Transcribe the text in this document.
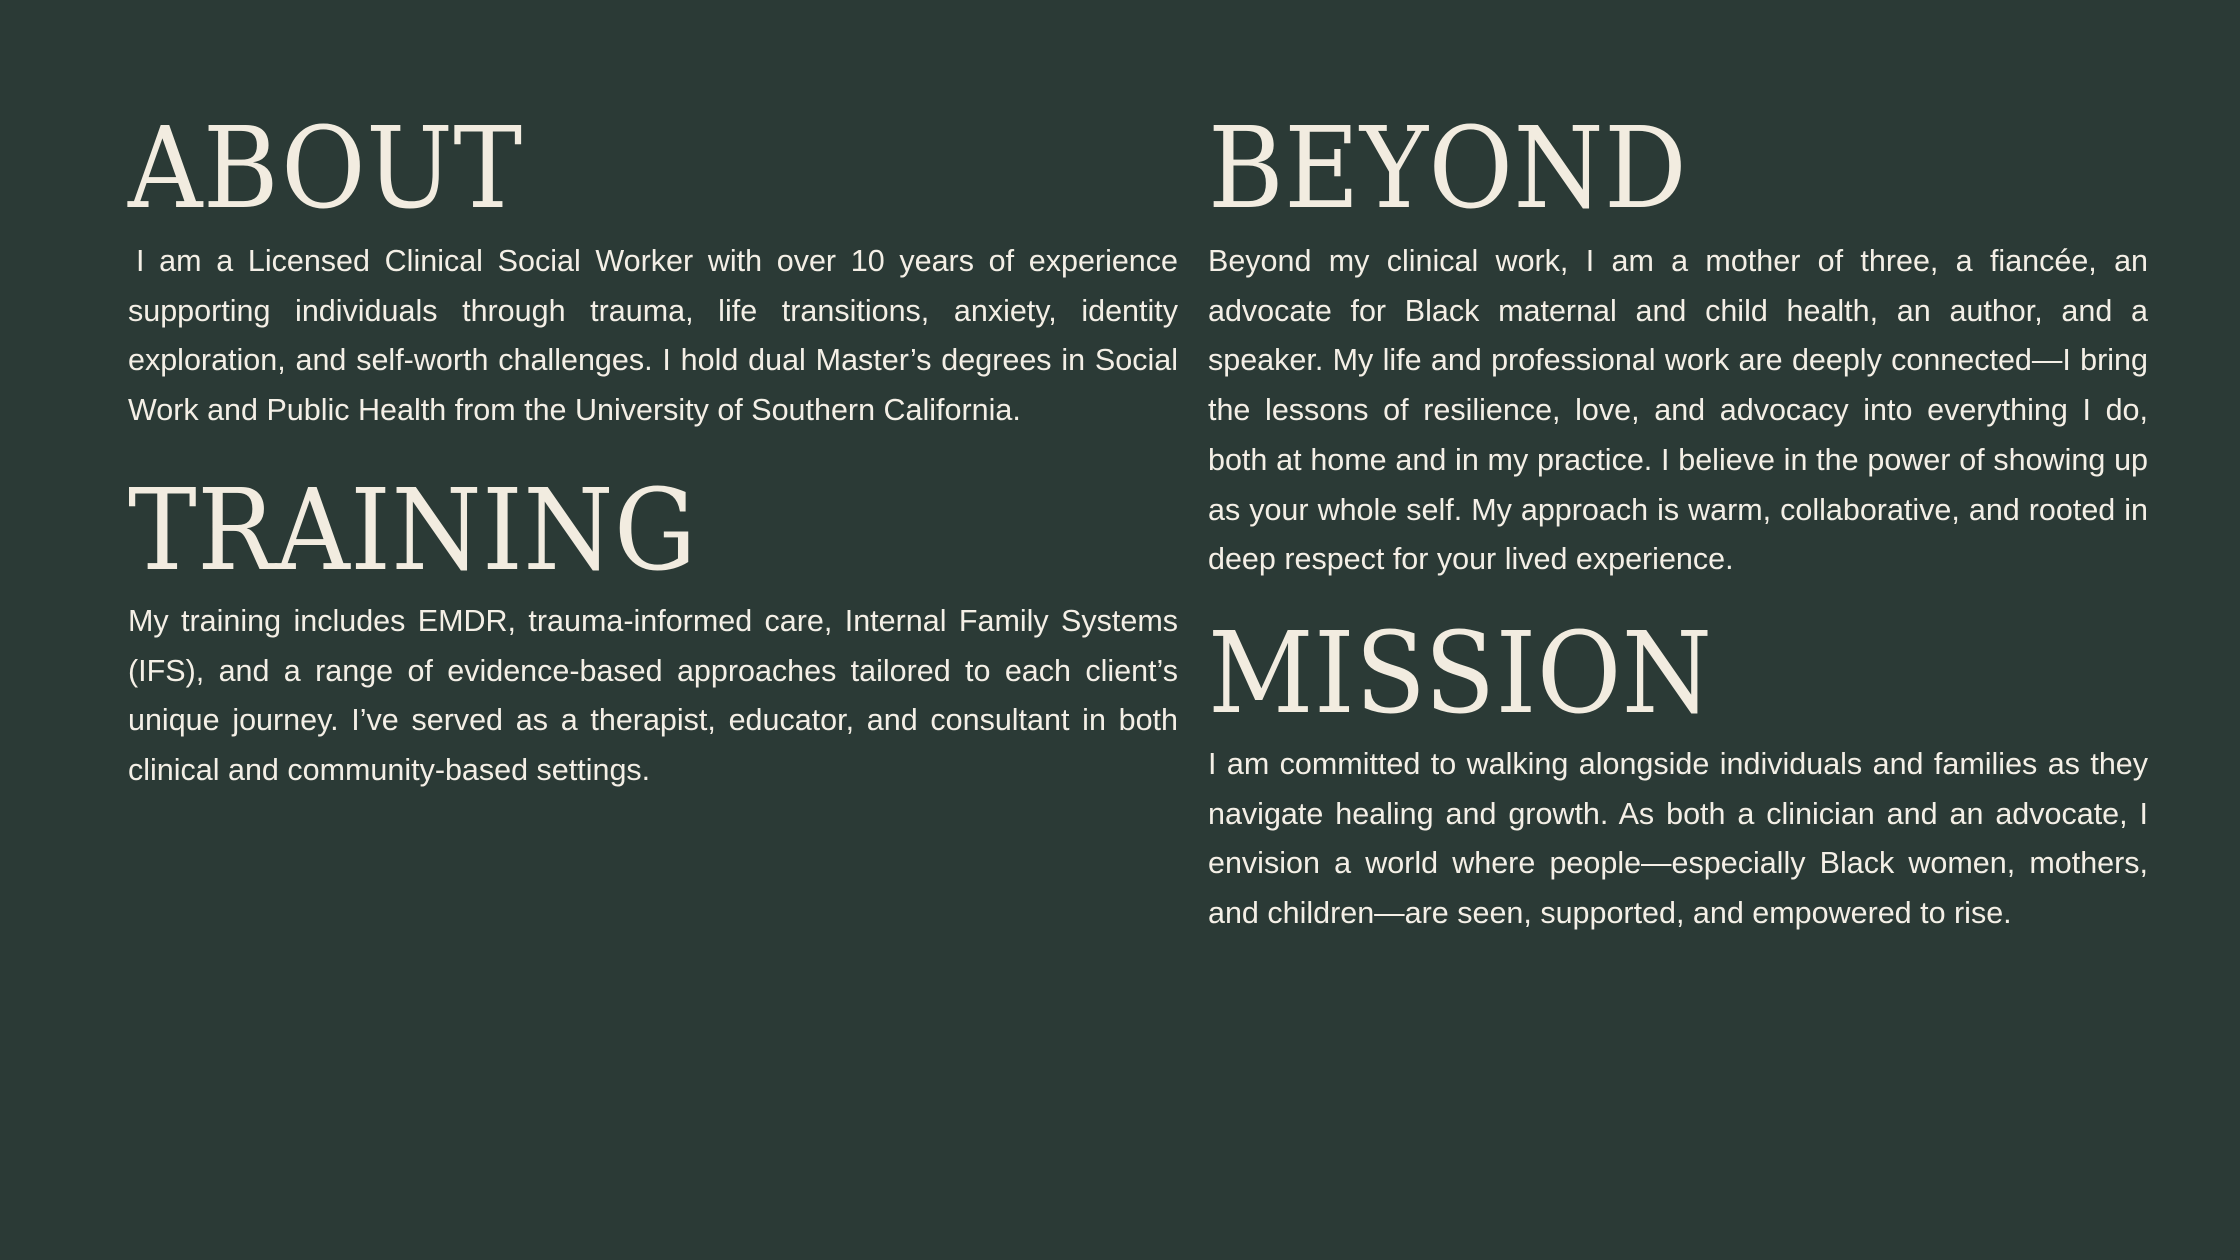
ABOUT

I am a Licensed Clinical Social Worker with over 10 years of experience supporting individuals through trauma, life transitions, anxiety, identity exploration, and self-worth challenges. I hold dual Master’s degrees in Social Work and Public Health from the University of Southern California.

TRAINING

My training includes EMDR, trauma-informed care, Internal Family Systems (IFS), and a range of evidence-based approaches tailored to each client’s unique journey. I’ve served as a therapist, educator, and consultant in both clinical and community-based settings.

BEYOND

Beyond my clinical work, I am a mother of three, a fiancée, an advocate for Black maternal and child health, an author, and a speaker. My life and professional work are deeply connected—I bring the lessons of resilience, love, and advocacy into everything I do, both at home and in my practice. I believe in the power of showing up as your whole self. My approach is warm, collaborative, and rooted in deep respect for your lived experience.

MISSION

I am committed to walking alongside individuals and families as they navigate healing and growth. As both a clinician and an advocate, I envision a world where people—especially Black women, mothers, and children—are seen, supported, and empowered to rise.
